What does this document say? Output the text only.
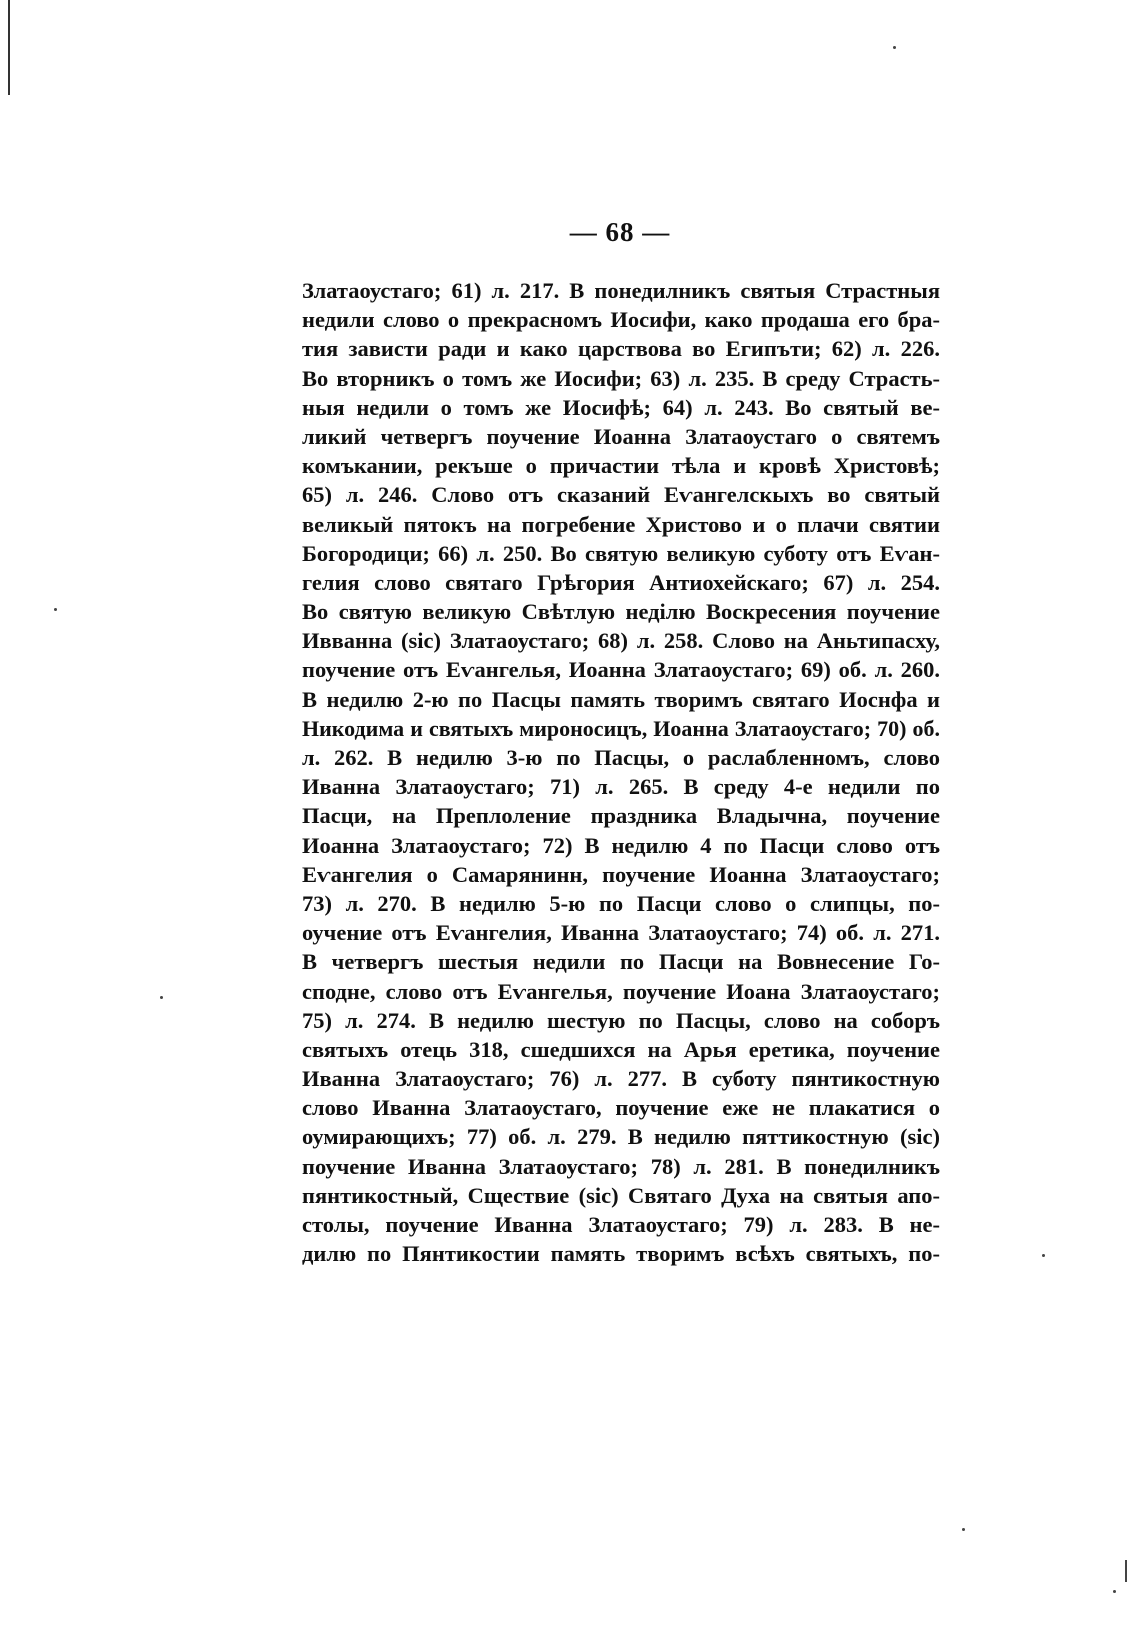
— 68 —
Златаоустаго; 61) л. 217. В понедилникъ святыя Страстныя
недили слово о прекрасномъ Иосифи, како продаша его бра-
тия зависти ради и како царствова во Египъти; 62) л. 226.
Во вторникъ о томъ же Иосифи; 63) л. 235. В среду Страсть-
ныя недили о томъ же Иосифѣ; 64) л. 243. Во святый ве-
ликий четвергъ поучение Иоанна Златаоустаго о святемъ
комъкании, рекъше о причастии тѣла и кровѣ Христовѣ;
65) л. 246. Слово отъ сказаний Еѵангелскыхъ во святый
великый пятокъ на погребение Христово и о плачи святии
Богородици; 66) л. 250. Во святую великую суботу отъ Еѵан-
гелия слово святаго Грѣгория Антиохейскаго; 67) л. 254.
Во святую великую Свѣтлую неділю Воскресения поучение
Ивванна (sic) Златаоустаго; 68) л. 258. Слово на Аньтипасху,
поучение отъ Еѵангелья, Иоанна Златаоустаго; 69) об. л. 260.
В недилю 2-ю по Пасцы память творимъ святаго Иоснфа и
Никодима и святыхъ мироносицъ, Иоанна Златаоустаго; 70) об.
л. 262. В недилю 3-ю по Пасцы, о раслабленномъ, слово
Иванна Златаоустаго; 71) л. 265. В среду 4-е недили по
Пасци, на Преплоление праздника Владычна, поучение
Иоанна Златаоустаго; 72) В недилю 4 по Пасци слово отъ
Еѵангелия о Самарянинн, поучение Иоанна Златаоустаго;
73) л. 270. В недилю 5-ю по Пасци слово о слипцы, по-
оучение отъ Еѵангелия, Иванна Златаоустаго; 74) об. л. 271.
В четвергъ шестыя недили по Пасци на Вовнесение Го-
сподне, слово отъ Еѵангелья, поучение Иоана Златаоустаго;
75) л. 274. В недилю шестую по Пасцы, слово на соборъ
святыхъ отець 318, сшедшихся на Арья еретика, поучение
Иванна Златаоустаго; 76) л. 277. В суботу пянтикостную
слово Иванна Златаоустаго, поучение еже не плакатися о
оумирающихъ; 77) об. л. 279. В недилю пяттикостную (sic)
поучение Иванна Златаоустаго; 78) л. 281. В понедилникъ
пянтикостный, Сществие (sic) Святаго Духа на святыя апо-
столы, поучение Иванна Златаоустаго; 79) л. 283. В не-
дилю по Пянтикостии память творимъ всѣхъ святыхъ, по-
